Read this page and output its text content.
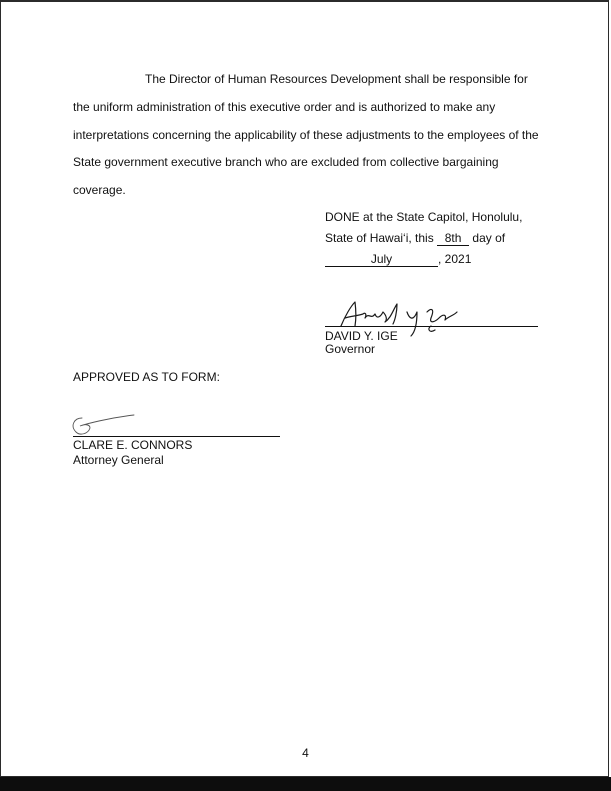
The Director of Human Resources Development shall be responsible for

the uniform administration of this executive order and is authorized to make any

interpretations concerning the applicability of these adjustments to the employees of the

State government executive branch who are excluded from collective bargaining

coverage.

DONE at the State Capitol, Honolulu,
State of Hawai‘i, this 8th day of
July	, 2021
DAVID Y. IGE
Governor
APPROVED AS TO FORM:
CLARE E. CONNORS
Attorney General
4
